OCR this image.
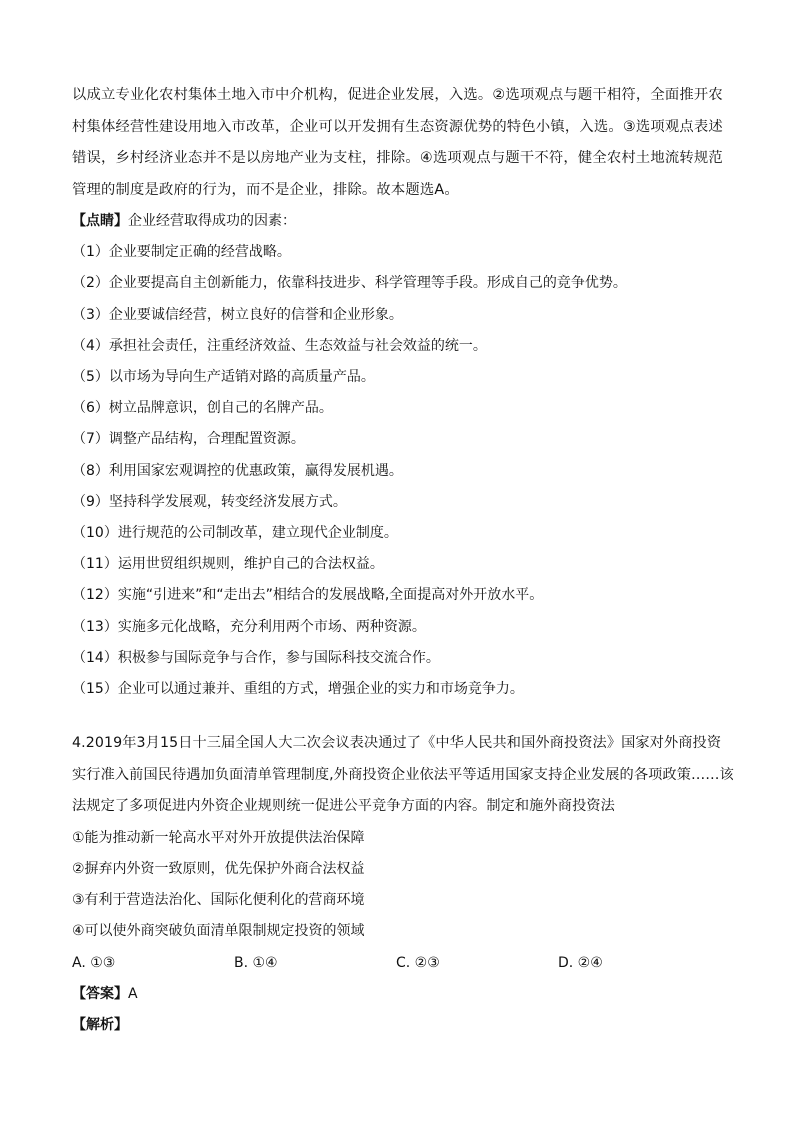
以成立专业化农村集体土地入市中介机构，促进企业发展，入选。②选项观点与题干相符，全面推开农村集体经营性建设用地入市改革，企业可以开发拥有生态资源优势的特色小镇，入选。③选项观点表述错误，乡村经济业态并不是以房地产业为支柱，排除。④选项观点与题干不符，健全农村土地流转规范管理的制度是政府的行为，而不是企业，排除。故本题选A。

【点睛】企业经营取得成功的因素：

（1）企业要制定正确的经营战略。

（2）企业要提高自主创新能力，依靠科技进步、科学管理等手段。形成自己的竞争优势。

（3）企业要诚信经营，树立良好的信誉和企业形象。

（4）承担社会责任，注重经济效益、生态效益与社会效益的统一。

（5）以市场为导向生产适销对路的高质量产品。

（6）树立品牌意识，创自己的名牌产品。

（7）调整产品结构，合理配置资源。

（8）利用国家宏观调控的优惠政策，赢得发展机遇。

（9）坚持科学发展观，转变经济发展方式。

（10）进行规范的公司制改革，建立现代企业制度。

（11）运用世贸组织规则，维护自己的合法权益。

（12）实施“引进来”和“走出去”相结合的发展战略,全面提高对外开放水平。

（13）实施多元化战略，充分利用两个市场、两种资源。

（14）积极参与国际竞争与合作，参与国际科技交流合作。

（15）企业可以通过兼并、重组的方式，增强企业的实力和市场竞争力。

4.2019年3月15日十三届全国人大二次会议表决通过了《中华人民共和国外商投资法》国家对外商投资实行准入前国民待遇加负面清单管理制度,外商投资企业依法平等适用国家支持企业发展的各项政策……该法规定了多项促进内外资企业规则统一促进公平竞争方面的内容。制定和施外商投资法

①能为推动新一轮高水平对外开放提供法治保障

②摒弃内外资一致原则，优先保护外商合法权益

③有利于营造法治化、国际化便利化的营商环境

④可以使外商突破负面清单限制规定投资的领域

A. ①③	B. ①④	C. ②③	D. ②④

【答案】A

【解析】
